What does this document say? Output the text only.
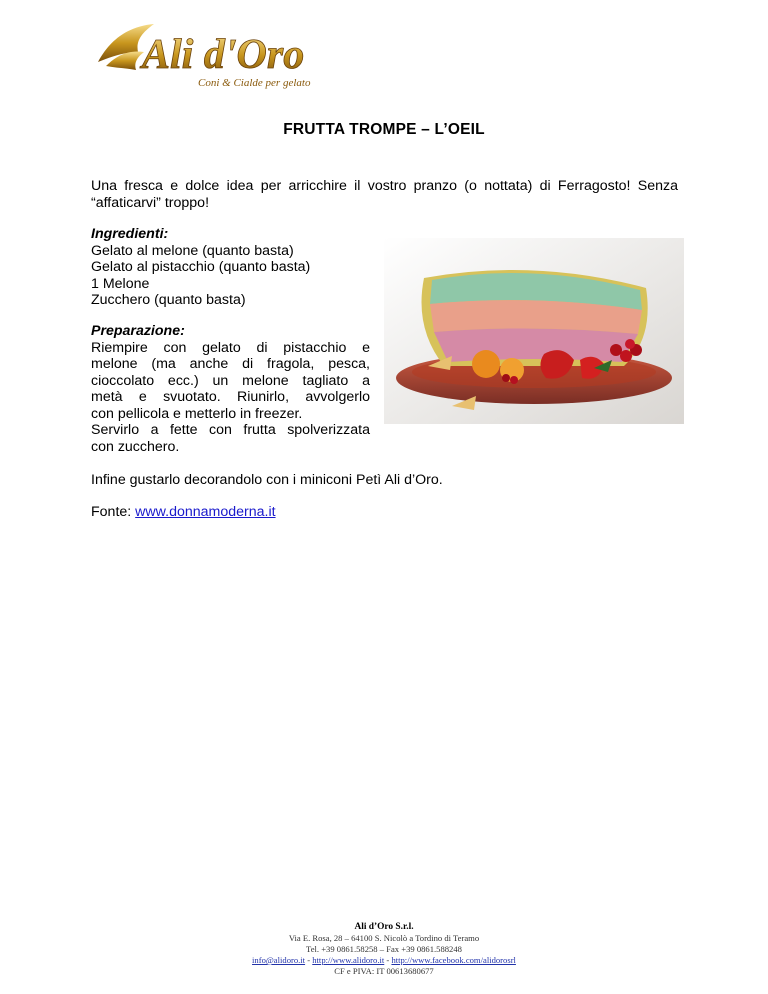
Ali d'Oro
Coni & Cialde per gelato
FRUTTA TROMPE – L’OEIL
Una fresca e dolce idea per arricchire il vostro pranzo (o nottata) di Ferragosto! Senza “affaticarvi” troppo!
Ingredienti:
Gelato al melone (quanto basta)
Gelato al pistacchio (quanto basta)
1 Melone
Zucchero (quanto basta)
Preparazione:
Riempire con gelato di pistacchio e
melone (ma anche di fragola, pesca,
cioccolato ecc.) un melone tagliato a
metà e svuotato. Riunirlo, avvolgerlo
con pellicola e metterlo in freezer.
Servirlo a fette con frutta spolverizzata
con zucchero.
Infine gustarlo decorandolo con i miniconi Petì Ali d’Oro.
Fonte: www.donnamoderna.it
Ali d’Oro S.r.l.
Via E. Rosa, 28 – 64100 S. Nicolò a Tordino di Teramo
Tel. +39 0861.58258 – Fax +39 0861.588248
info@alidoro.it - http://www.alidoro.it - http://www.facebook.com/alidorosrl
CF e PIVA: IT 00613680677
